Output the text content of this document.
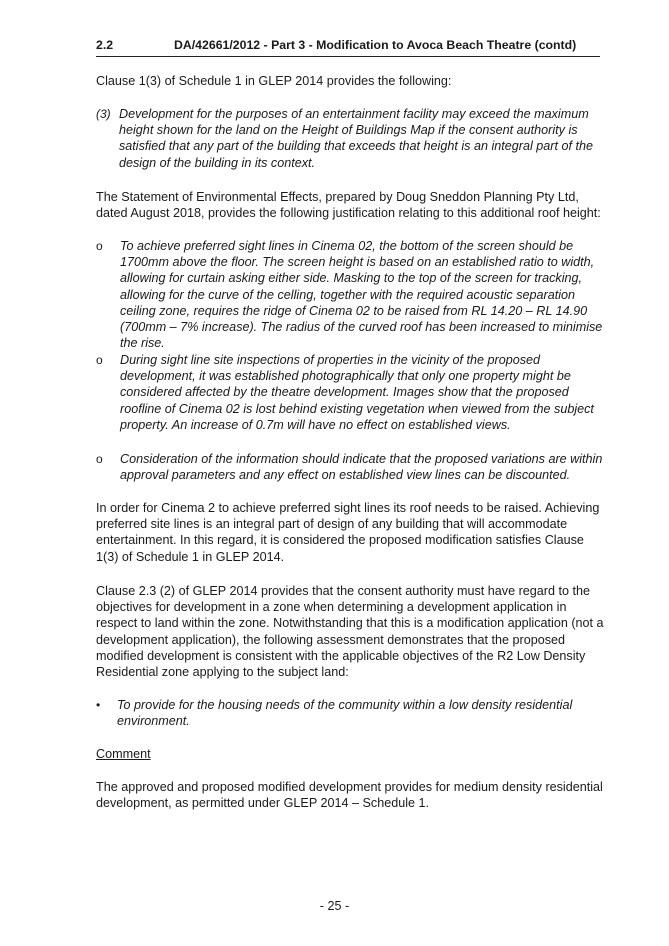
2.2	DA/42661/2012 - Part 3 - Modification to Avoca Beach Theatre (contd)
Clause 1(3) of Schedule 1 in GLEP 2014 provides the following:
(3) Development for the purposes of an entertainment facility may exceed the maximum height shown for the land on the Height of Buildings Map if the consent authority is satisfied that any part of the building that exceeds that height is an integral part of the design of the building in its context.
The Statement of Environmental Effects, prepared by Doug Sneddon Planning Pty Ltd, dated August 2018, provides the following justification relating to this additional roof height:
o To achieve preferred sight lines in Cinema 02, the bottom of the screen should be 1700mm above the floor. The screen height is based on an established ratio to width, allowing for curtain asking either side. Masking to the top of the screen for tracking, allowing for the curve of the celling, together with the required acoustic separation ceiling zone, requires the ridge of Cinema 02 to be raised from RL 14.20 – RL 14.90 (700mm – 7% increase). The radius of the curved roof has been increased to minimise the rise.
o During sight line site inspections of properties in the vicinity of the proposed development, it was established photographically that only one property might be considered affected by the theatre development. Images show that the proposed roofline of Cinema 02 is lost behind existing vegetation when viewed from the subject property. An increase of 0.7m will have no effect on established views.
o Consideration of the information should indicate that the proposed variations are within approval parameters and any effect on established view lines can be discounted.
In order for Cinema 2 to achieve preferred sight lines its roof needs to be raised. Achieving preferred site lines is an integral part of design of any building that will accommodate entertainment. In this regard, it is considered the proposed modification satisfies Clause 1(3) of Schedule 1 in GLEP 2014.
Clause 2.3 (2) of GLEP 2014 provides that the consent authority must have regard to the objectives for development in a zone when determining a development application in respect to land within the zone. Notwithstanding that this is a modification application (not a development application), the following assessment demonstrates that the proposed modified development is consistent with the applicable objectives of the R2 Low Density Residential zone applying to the subject land:
• To provide for the housing needs of the community within a low density residential environment.
Comment
The approved and proposed modified development provides for medium density residential development, as permitted under GLEP 2014 – Schedule 1.
- 25 -
